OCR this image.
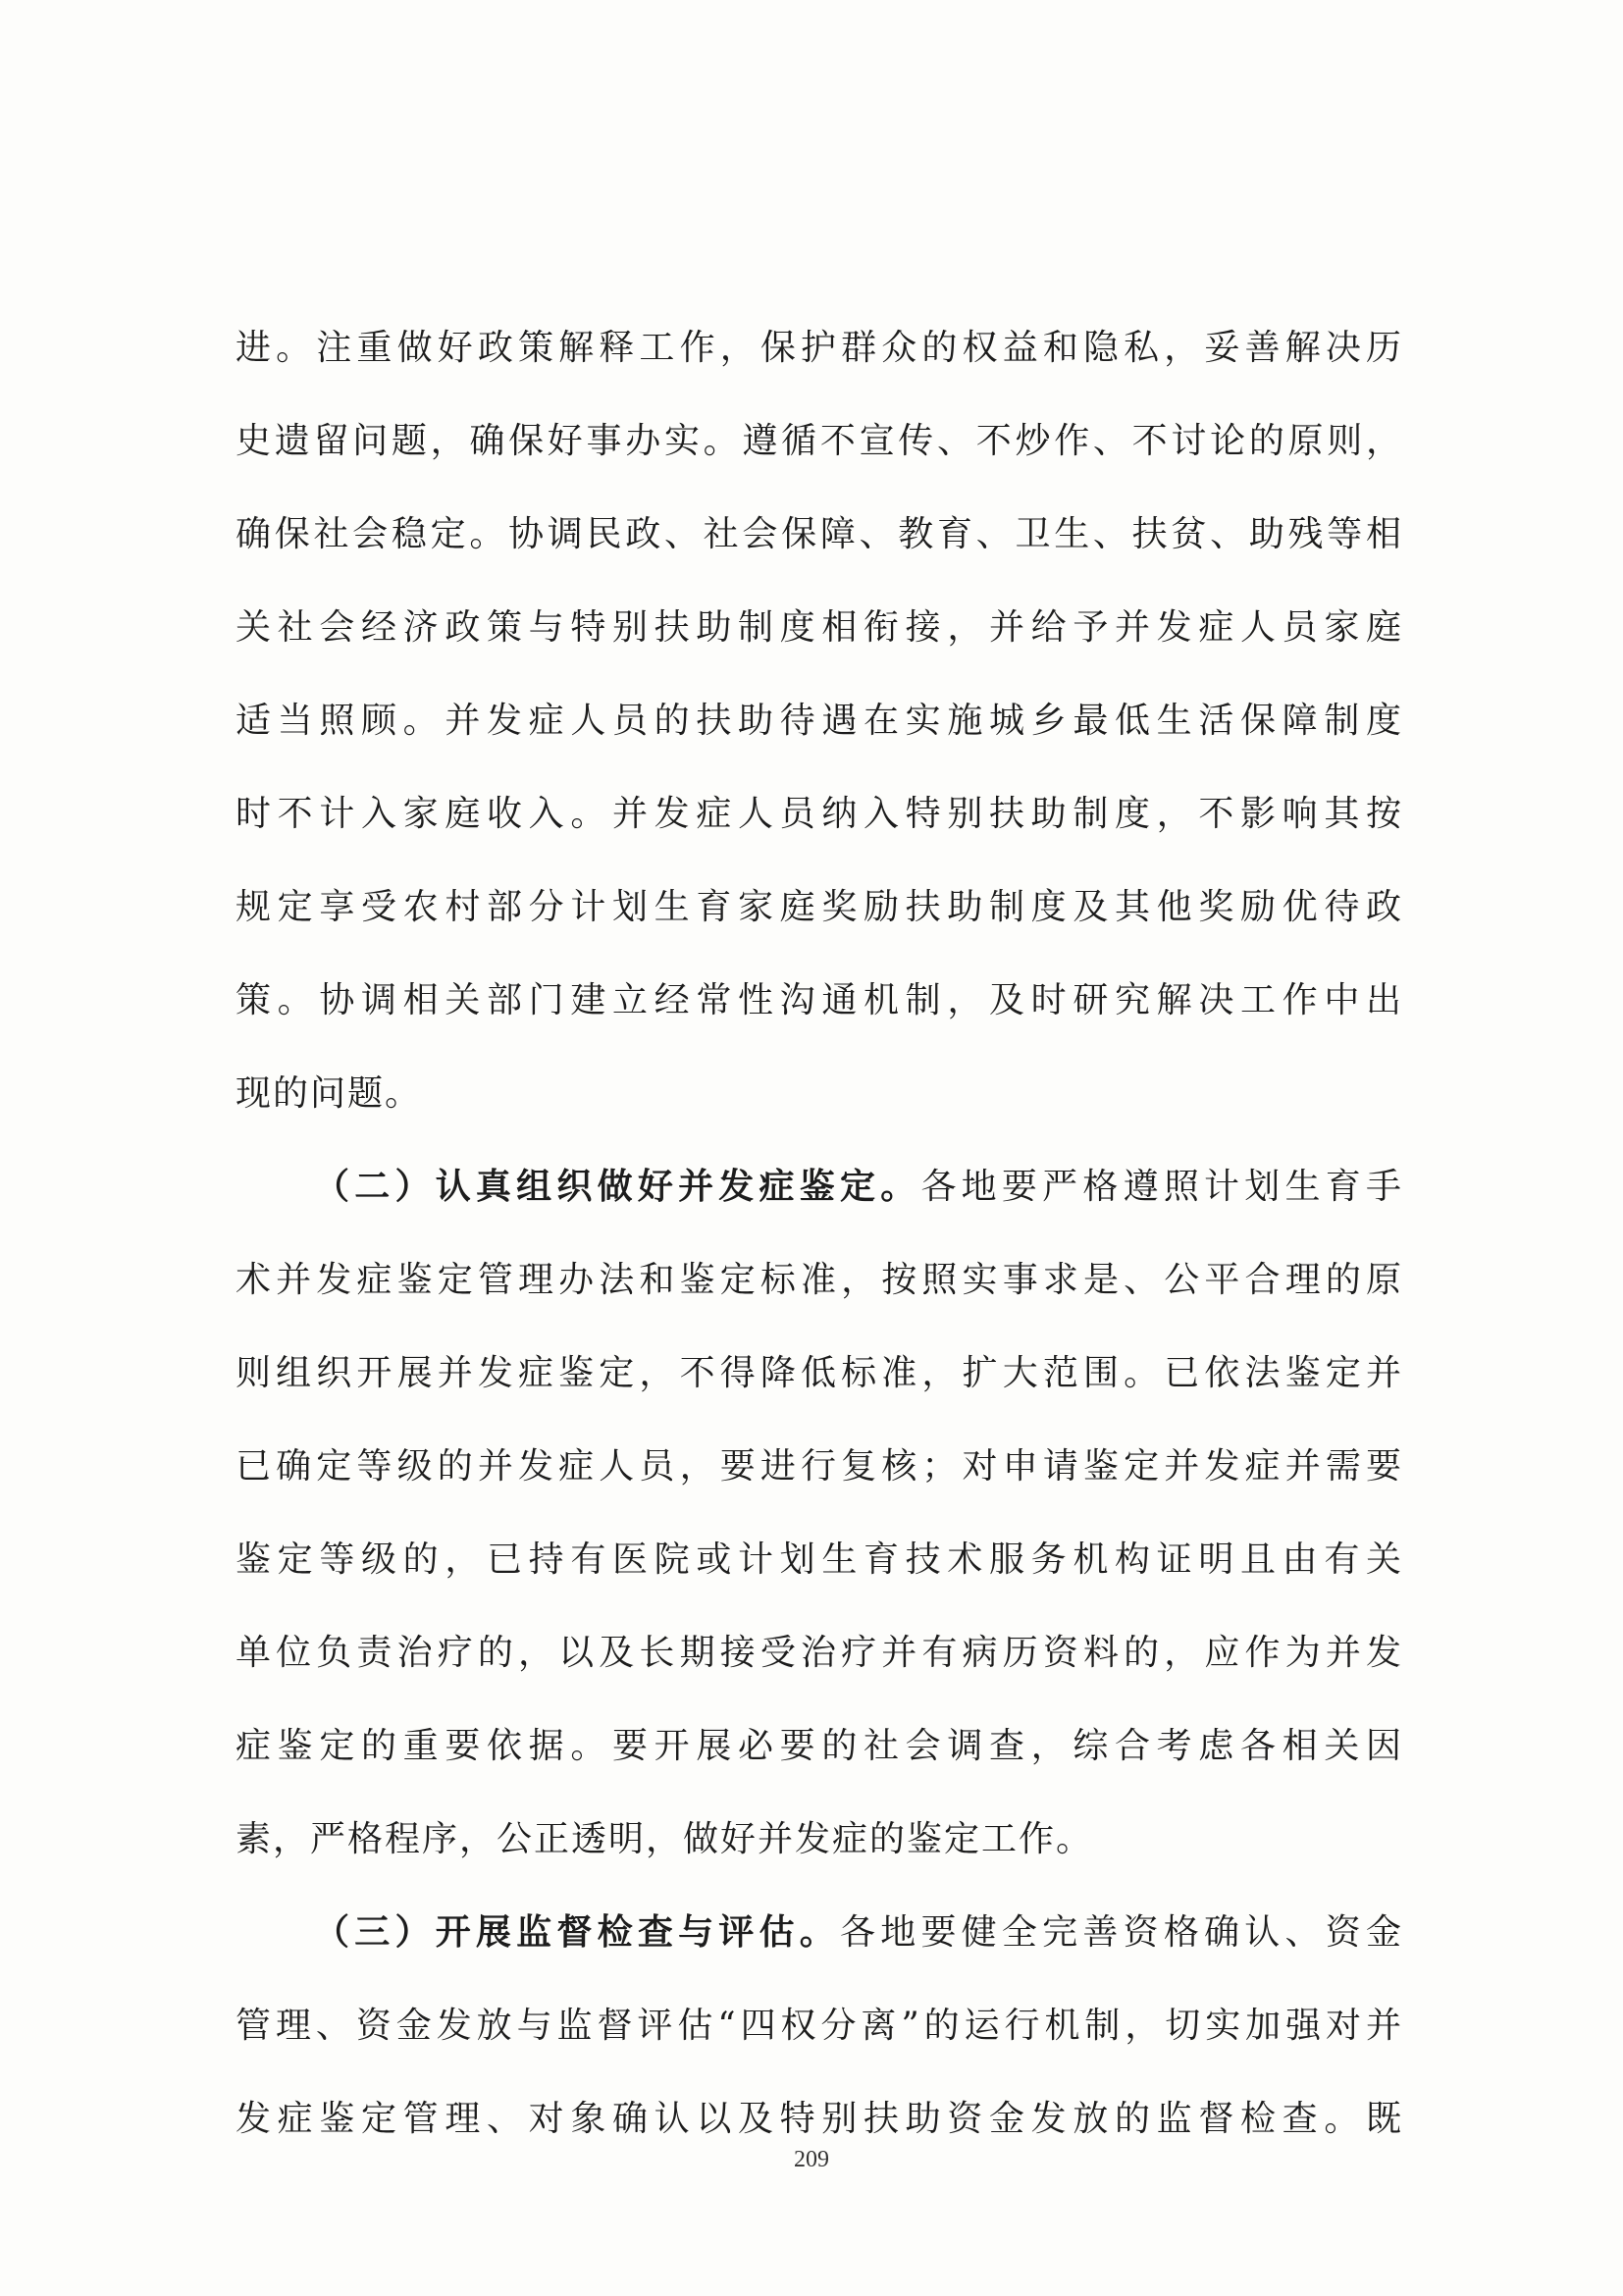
进。注重做好政策解释工作，保护群众的权益和隐私，妥善解决历
史遗留问题，确保好事办实。遵循不宣传、不炒作、不讨论的原则，
确保社会稳定。协调民政、社会保障、教育、卫生、扶贫、助残等相
关社会经济政策与特别扶助制度相衔接，并给予并发症人员家庭
适当照顾。并发症人员的扶助待遇在实施城乡最低生活保障制度
时不计入家庭收入。并发症人员纳入特别扶助制度，不影响其按
规定享受农村部分计划生育家庭奖励扶助制度及其他奖励优待政
策。协调相关部门建立经常性沟通机制，及时研究解决工作中出
现的问题。
（二）认真组织做好并发症鉴定。各地要严格遵照计划生育手
术并发症鉴定管理办法和鉴定标准，按照实事求是、公平合理的原
则组织开展并发症鉴定，不得降低标准，扩大范围。已依法鉴定并
已确定等级的并发症人员，要进行复核；对申请鉴定并发症并需要
鉴定等级的，已持有医院或计划生育技术服务机构证明且由有关
单位负责治疗的，以及长期接受治疗并有病历资料的，应作为并发
症鉴定的重要依据。要开展必要的社会调查，综合考虑各相关因
素，严格程序，公正透明，做好并发症的鉴定工作。
（三）开展监督检查与评估。各地要健全完善资格确认、资金
管理、资金发放与监督评估“四权分离”的运行机制，切实加强对并
发症鉴定管理、对象确认以及特别扶助资金发放的监督检查。既
209
